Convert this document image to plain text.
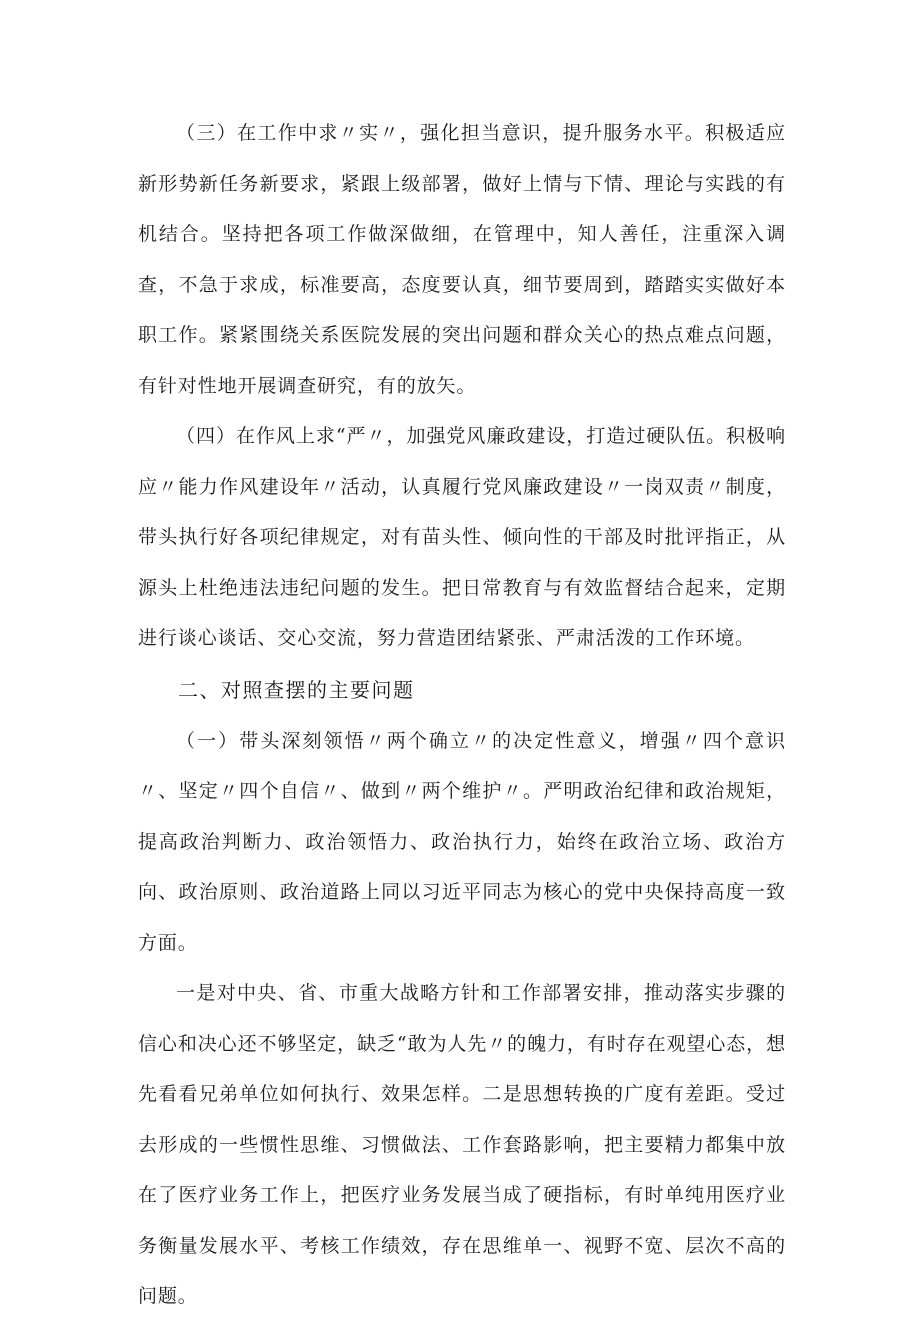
（三）在工作中求〃实〃，强化担当意识，提升服务水平。积极适应新形势新任务新要求，紧跟上级部署，做好上情与下情、理论与实践的有机结合。坚持把各项工作做深做细，在管理中，知人善任，注重深入调查，不急于求成，标准要高，态度要认真，细节要周到，踏踏实实做好本职工作。紧紧围绕关系医院发展的突出问题和群众关心的热点难点问题，有针对性地开展调查研究，有的放矢。

（四）在作风上求“严〃，加强党风廉政建设，打造过硬队伍。积极响应〃能力作风建设年〃活动，认真履行党风廉政建设〃一岗双责〃制度，带头执行好各项纪律规定，对有苗头性、倾向性的干部及时批评指正，从源头上杜绝违法违纪问题的发生。把日常教育与有效监督结合起来，定期进行谈心谈话、交心交流，努力营造团结紧张、严肃活泼的工作环境。

二、对照查摆的主要问题

（一）带头深刻领悟〃两个确立〃的决定性意义，增强〃四个意识〃、坚定〃四个自信〃、做到〃两个维护〃。严明政治纪律和政治规矩，提高政治判断力、政治领悟力、政治执行力，始终在政治立场、政治方向、政治原则、政治道路上同以习近平同志为核心的党中央保持高度一致方面。

一是对中央、省、市重大战略方针和工作部署安排，推动落实步骤的信心和决心还不够坚定，缺乏“敢为人先〃的魄力，有时存在观望心态，想先看看兄弟单位如何执行、效果怎样。二是思想转换的广度有差距。受过去形成的一些惯性思维、习惯做法、工作套路影响，把主要精力都集中放在了医疗业务工作上，把医疗业务发展当成了硬指标，有时单纯用医疗业务衡量发展水平、考核工作绩效，存在思维单一、视野不宽、层次不高的问题。
